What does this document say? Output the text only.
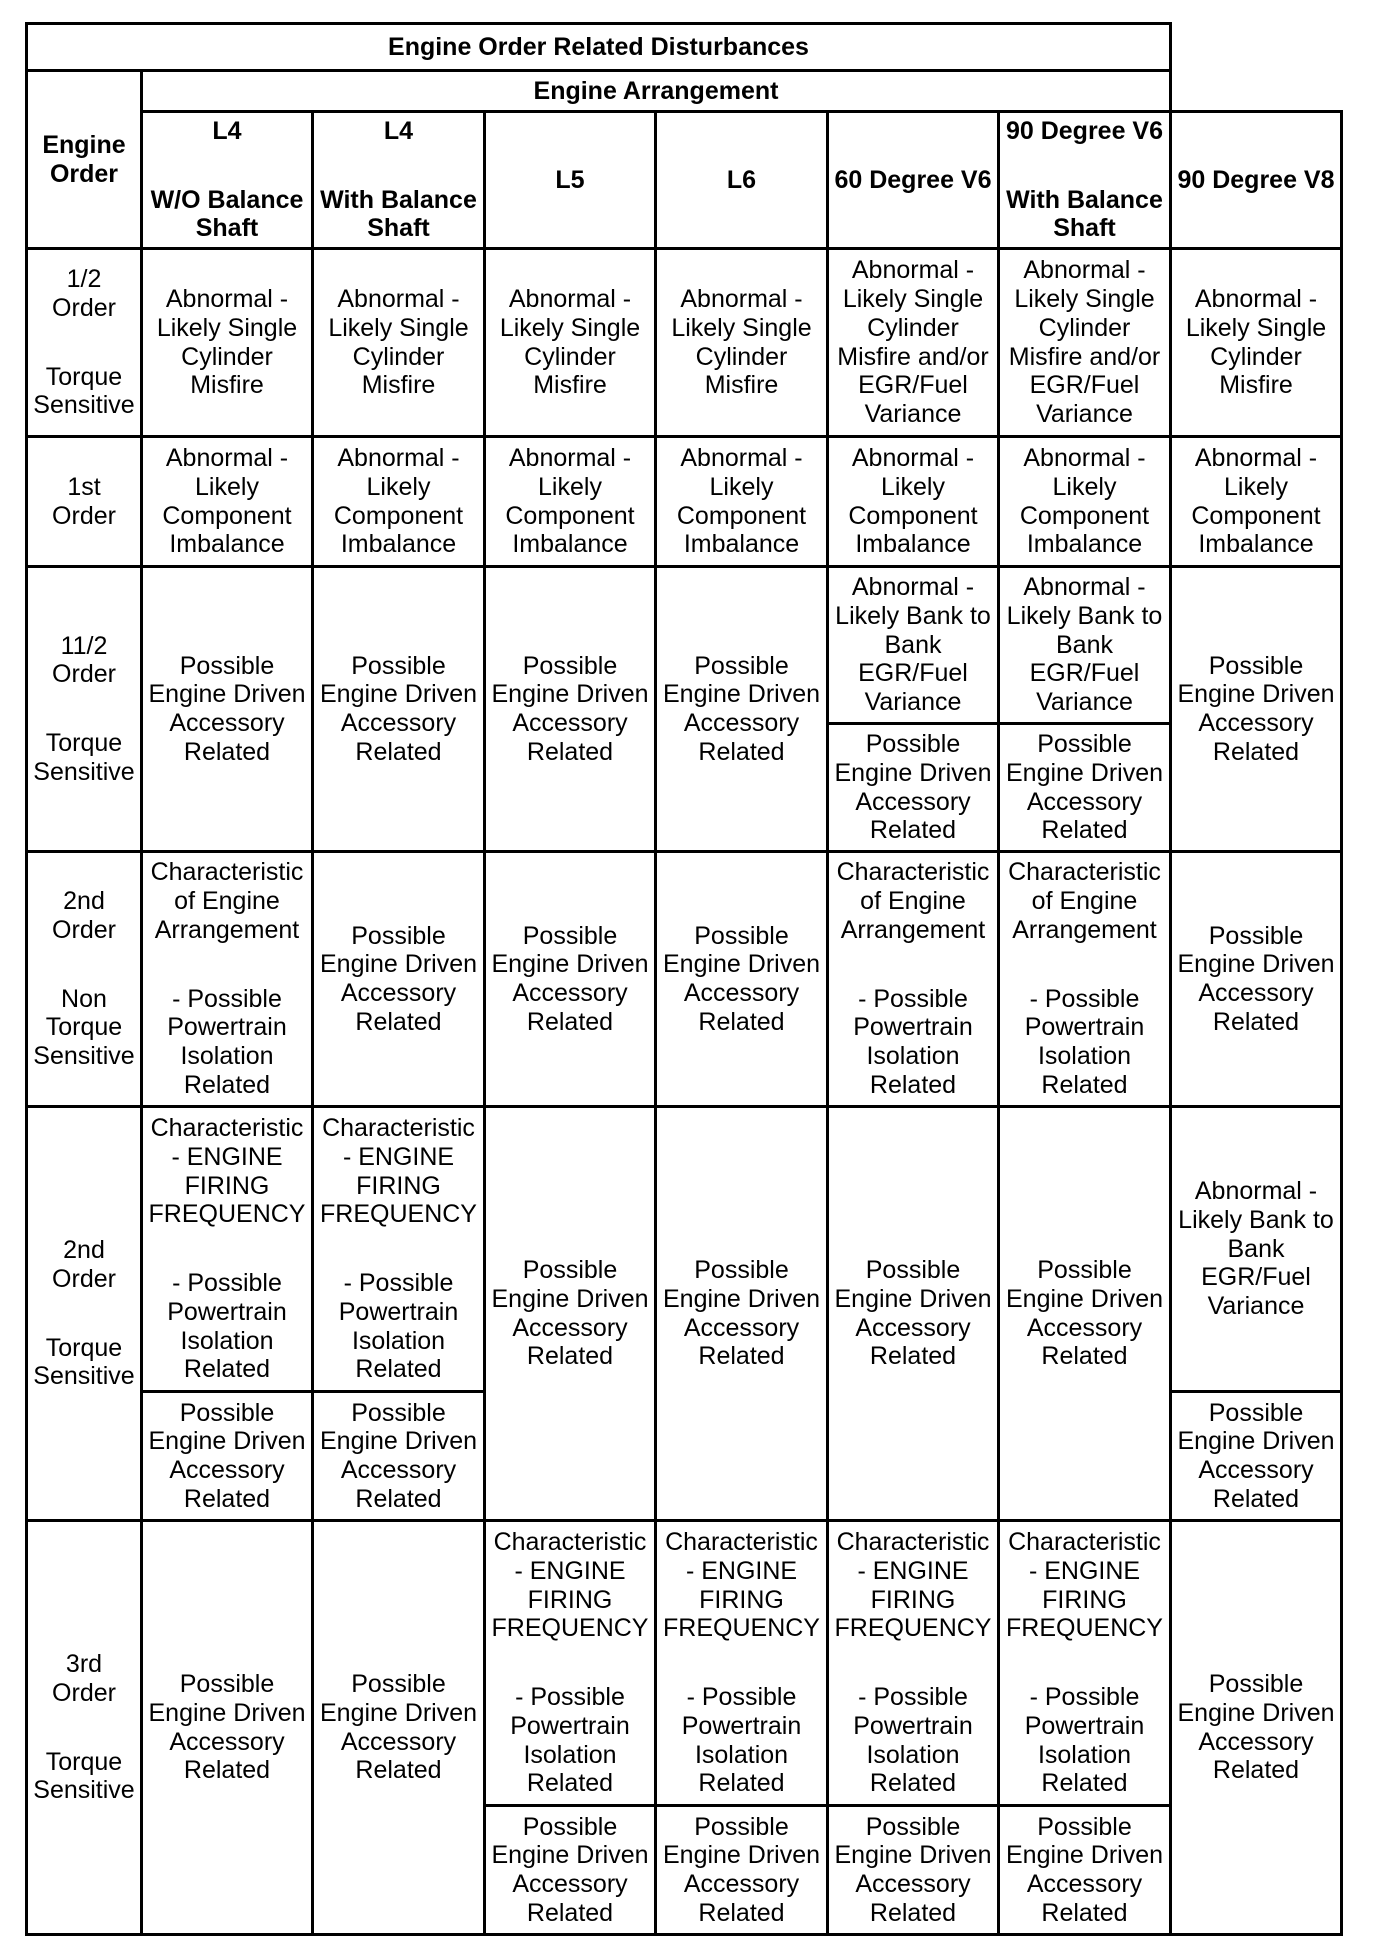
Engine Order Related Disturbances
Engine Arrangement
Engine
Order
L4
W/O Balance
Shaft
L4
With Balance
Shaft
L5	L6	60 Degree V6
90 Degree V6
With Balance
Shaft
90 Degree V8
1/2
Order
Torque
Sensitive
Abnormal -
Likely Single
Cylinder
Misfire
Abnormal -
Likely Single
Cylinder
Misfire
Abnormal -
Likely Single
Cylinder
Misfire
Abnormal -
Likely Single
Cylinder
Misfire
Abnormal -
Likely Single
Cylinder
Misfire and/or
EGR/Fuel
Variance
Abnormal -
Likely Single
Cylinder
Misfire and/or
EGR/Fuel
Variance
Abnormal -
Likely Single
Cylinder
Misfire
1st
Order
Abnormal -
Likely
Component
Imbalance
Abnormal -
Likely
Component
Imbalance
Abnormal -
Likely
Component
Imbalance
Abnormal -
Likely
Component
Imbalance
Abnormal -
Likely
Component
Imbalance
Abnormal -
Likely
Component
Imbalance
Abnormal -
Likely
Component
Imbalance
11/2
Order
Torque
Sensitive
Possible
Engine Driven
Accessory
Related
Possible
Engine Driven
Accessory
Related
Possible
Engine Driven
Accessory
Related
Possible
Engine Driven
Accessory
Related
Abnormal -
Likely Bank to
Bank
EGR/Fuel
Variance
Possible
Engine Driven
Accessory
Related
Abnormal -
Likely Bank to
Bank
EGR/Fuel
Variance
Possible
Engine Driven
Accessory
Related
Possible
Engine Driven
Accessory
Related
2nd
Order
Non
Torque
Sensitive
Characteristic
of Engine
Arrangement
- Possible
Powertrain
Isolation
Related
Possible
Engine Driven
Accessory
Related
Possible
Engine Driven
Accessory
Related
Possible
Engine Driven
Accessory
Related
Characteristic
of Engine
Arrangement
- Possible
Powertrain
Isolation
Related
Characteristic
of Engine
Arrangement
- Possible
Powertrain
Isolation
Related
Possible
Engine Driven
Accessory
Related
2nd
Order
Torque
Sensitive
Characteristic
- ENGINE
FIRING
FREQUENCY
- Possible
Powertrain
Isolation
Related
Possible
Engine Driven
Accessory
Related
Characteristic
- ENGINE
FIRING
FREQUENCY
- Possible
Powertrain
Isolation
Related
Possible
Engine Driven
Accessory
Related
Possible
Engine Driven
Accessory
Related
Possible
Engine Driven
Accessory
Related
Possible
Engine Driven
Accessory
Related
Possible
Engine Driven
Accessory
Related
Abnormal -
Likely Bank to
Bank
EGR/Fuel
Variance
Possible
Engine Driven
Accessory
Related
3rd
Order
Torque
Sensitive
Possible
Engine Driven
Accessory
Related
Possible
Engine Driven
Accessory
Related
Characteristic
- ENGINE
FIRING
FREQUENCY
- Possible
Powertrain
Isolation
Related
Possible
Engine Driven
Accessory
Related
Characteristic
- ENGINE
FIRING
FREQUENCY
- Possible
Powertrain
Isolation
Related
Possible
Engine Driven
Accessory
Related
Characteristic
- ENGINE
FIRING
FREQUENCY
- Possible
Powertrain
Isolation
Related
Possible
Engine Driven
Accessory
Related
Characteristic
- ENGINE
FIRING
FREQUENCY
- Possible
Powertrain
Isolation
Related
Possible
Engine Driven
Accessory
Related
Possible
Engine Driven
Accessory
Related
